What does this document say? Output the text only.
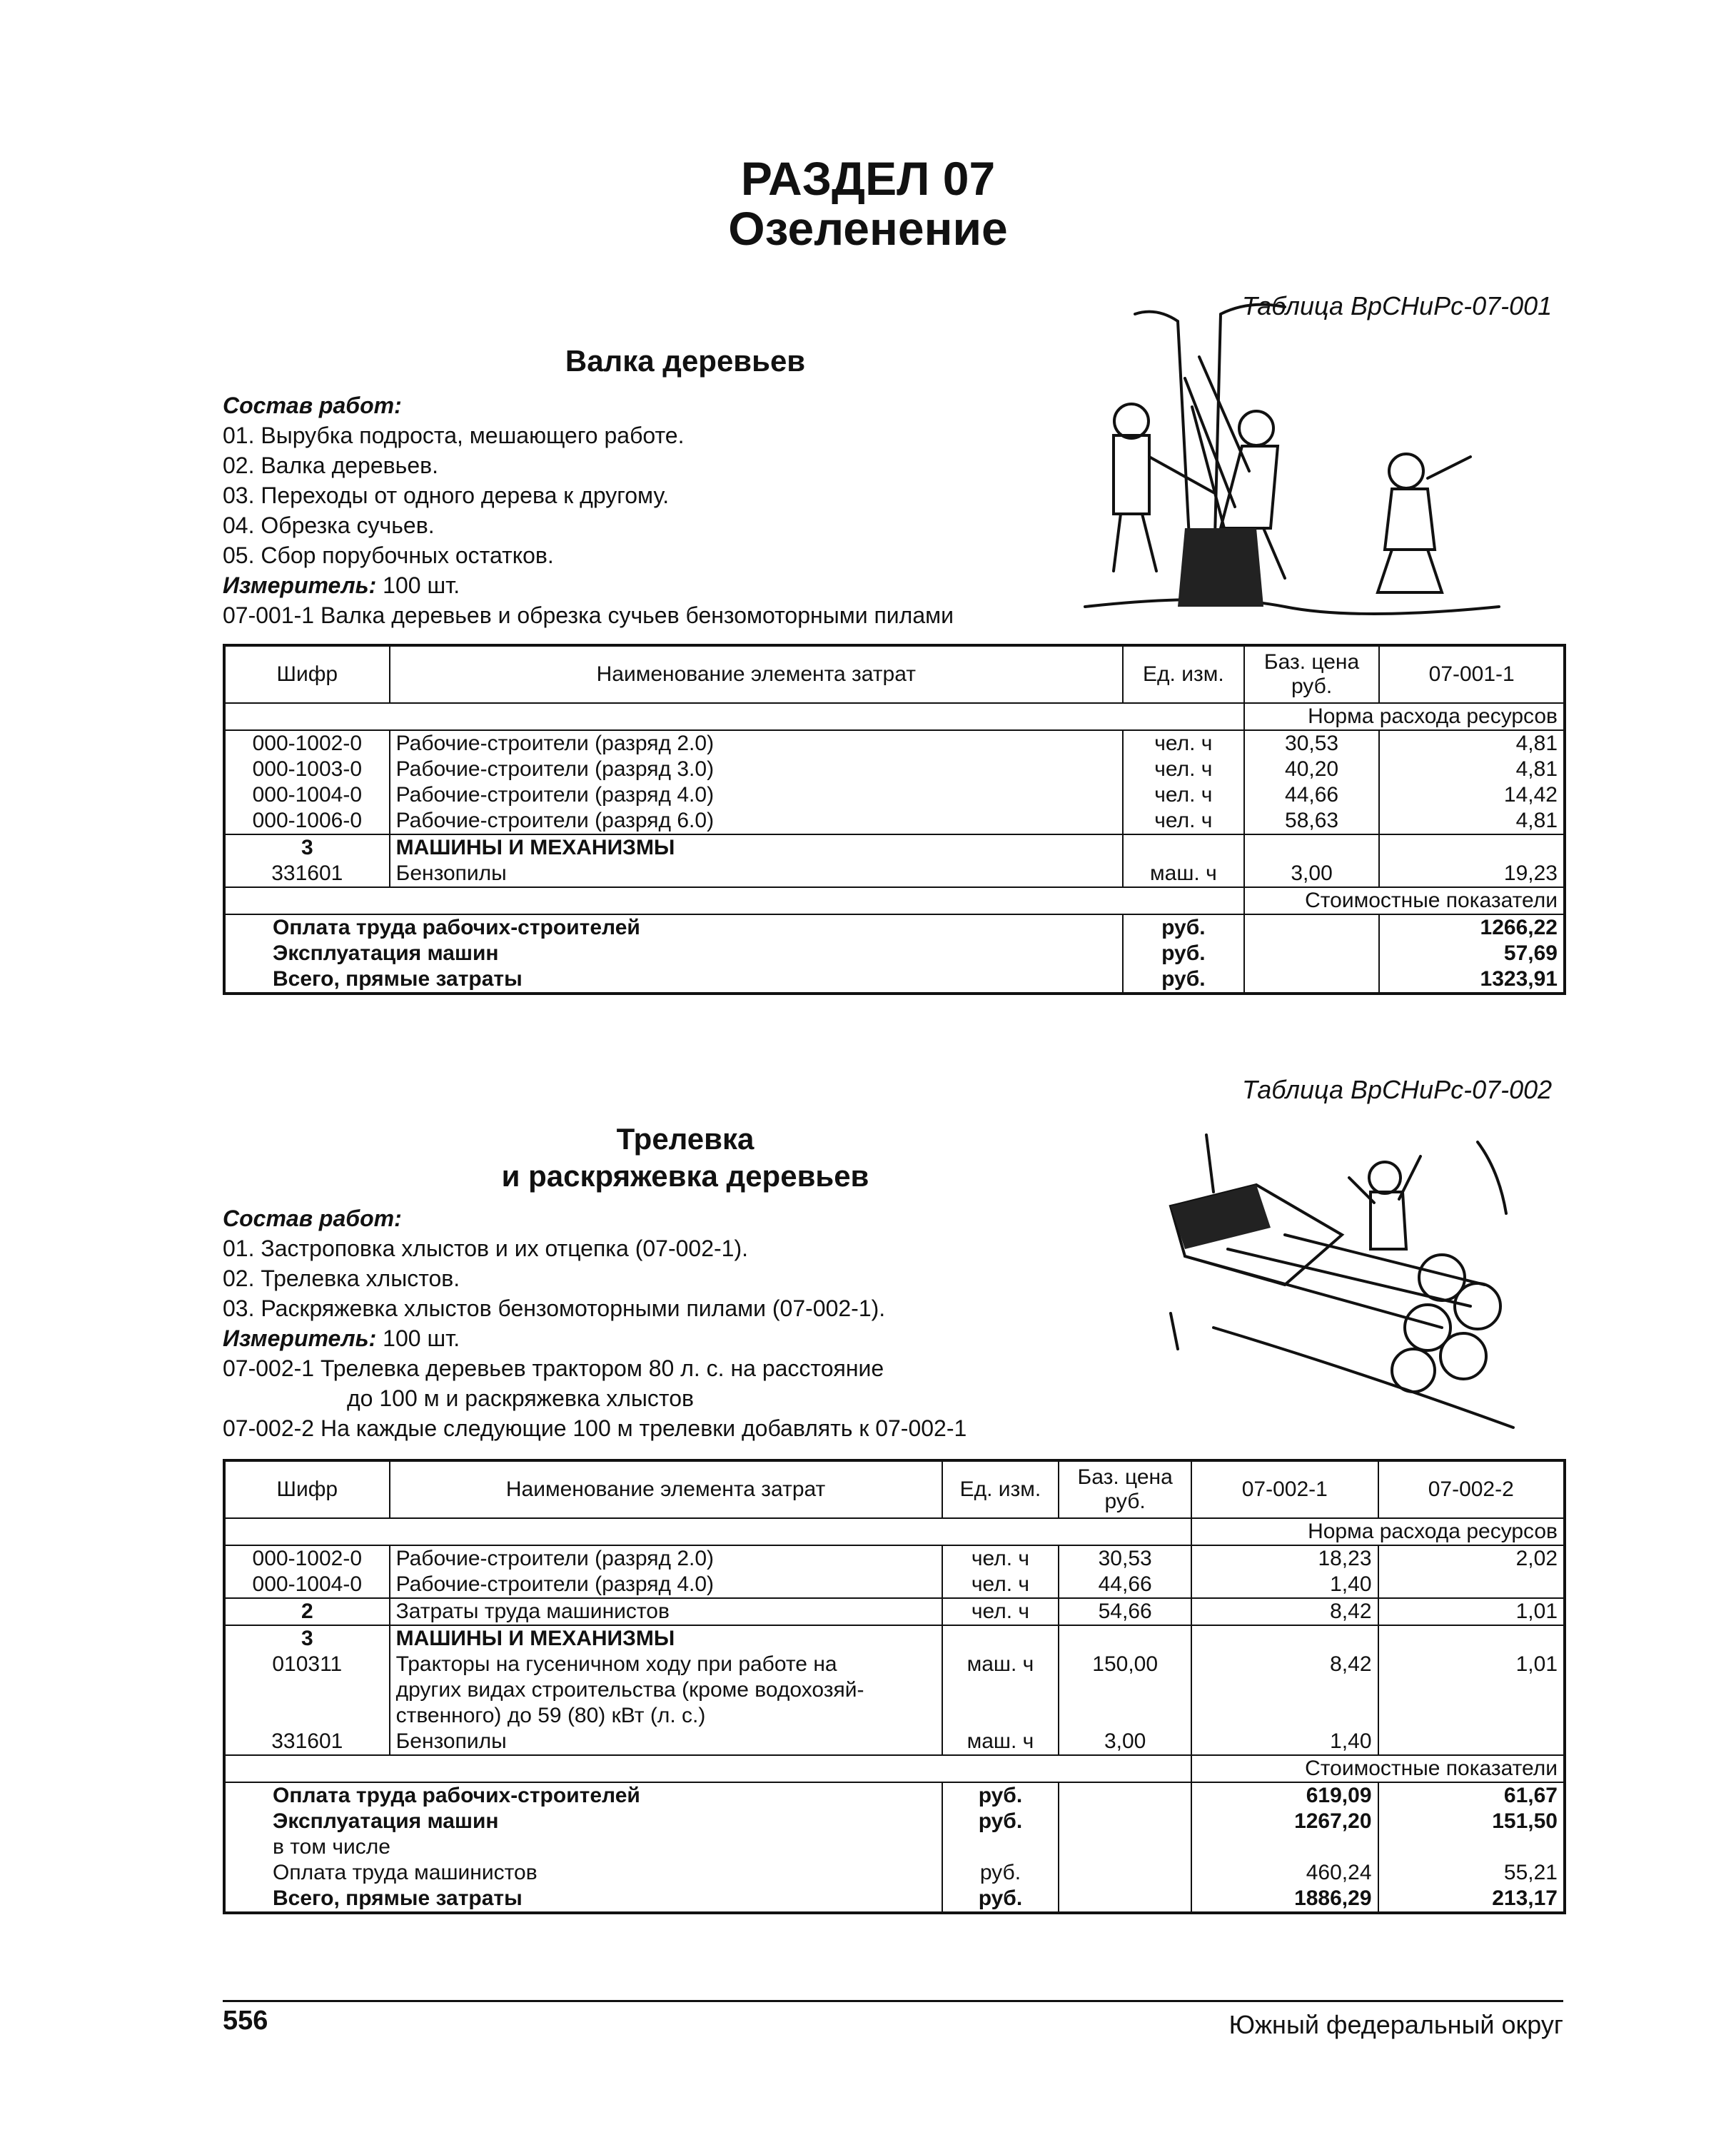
РАЗДЕЛ 07
Озеленение
Таблица ВрСНиРс-07-001
Валка деревьев
Состав работ:
01. Вырубка подроста, мешающего работе.
02. Валка деревьев.
03. Переходы от одного дерева к другому.
04. Обрезка сучьев.
05. Сбор порубочных остатков.
Измеритель: 100 шт.
07-001-1 Валка деревьев и обрезка сучьев бензомоторными пилами
Шифр	Наименование элемента затрат	Ед. изм.	Баз. цена руб.	07-001-1
			Норма расхода ресурсов	
000-1002-0	Рабочие-строители (разряд 2.0)	чел. ч	30,53	4,81
000-1003-0	Рабочие-строители (разряд 3.0)	чел. ч	40,20	4,81
000-1004-0	Рабочие-строители (разряд 4.0)	чел. ч	44,66	14,42
000-1006-0	Рабочие-строители (разряд 6.0)	чел. ч	58,63	4,81
3	МАШИНЫ И МЕХАНИЗМЫ			
331601	Бензопилы	маш. ч	3,00	19,23
			Стоимостные показатели	
Оплата труда рабочих-строителей		руб.		1266,22
Эксплуатация машин		руб.		57,69
Всего, прямые затраты		руб.		1323,91
Таблица ВрСНиРс-07-002
Трелевка
и раскряжевка деревьев
Состав работ:
01. Застроповка хлыстов и их отцепка (07-002-1).
02. Трелевка хлыстов.
03. Раскряжевка хлыстов бензомоторными пилами (07-002-1).
Измеритель: 100 шт.
07-002-1 Трелевка деревьев трактором 80 л. с. на расстояние
до 100 м и раскряжевка хлыстов
07-002-2 На каждые следующие 100 м трелевки добавлять к 07-002-1
Шифр	Наименование элемента затрат	Ед. изм.	Баз. цена руб.	07-002-1	07-002-2
				Норма расхода ресурсов	
000-1002-0	Рабочие-строители (разряд 2.0)	чел. ч	30,53	18,23	2,02
000-1004-0	Рабочие-строители (разряд 4.0)	чел. ч	44,66	1,40	
2	Затраты труда машинистов	чел. ч	54,66	8,42	1,01
3	МАШИНЫ И МЕХАНИЗМЫ				
010311	Тракторы на гусеничном ходу при работе на	маш. ч	150,00	8,42	1,01
	других видах строительства (кроме водохозяй-				
	ственного) до 59 (80) кВт (л. с.)				
331601	Бензопилы	маш. ч	3,00	1,40	
				Стоимостные показатели	
Оплата труда рабочих-строителей		руб.		619,09	61,67
Эксплуатация машин		руб.		1267,20	151,50
в том числе					
Оплата труда машинистов		руб.		460,24	55,21
Всего, прямые затраты		руб.		1886,29	213,17
556	Южный федеральный округ
